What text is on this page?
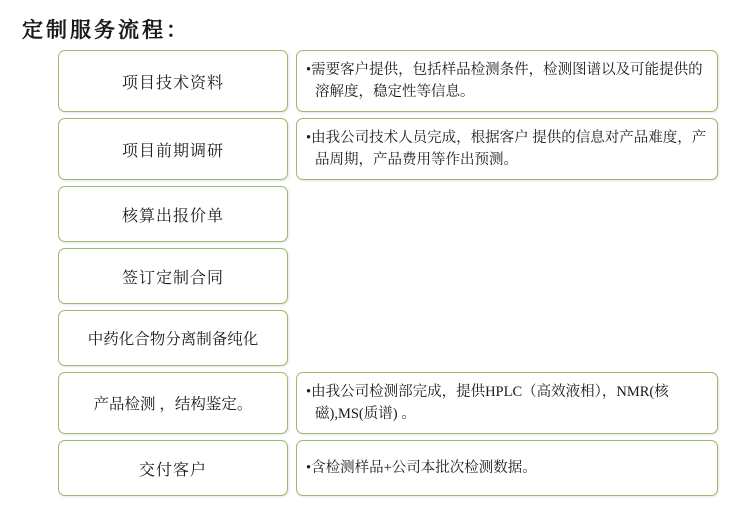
定制服务流程：
项目技术资料
•需要客户提供，包括样品检测条件，检测图谱以及可能提供的溶解度，稳定性等信息。
项目前期调研
•由我公司技术人员完成，根据客户 提供的信息对产品难度，产品周期，产品费用等作出预测。
核算出报价单
签订定制合同
中药化合物分离制备纯化
产品检测 ，结构鉴定。
•由我公司检测部完成，提供HPLC（高效液相），NMR(核磁),MS(质谱) 。
交付客户	•含检测样品+公司本批次检测数据。
